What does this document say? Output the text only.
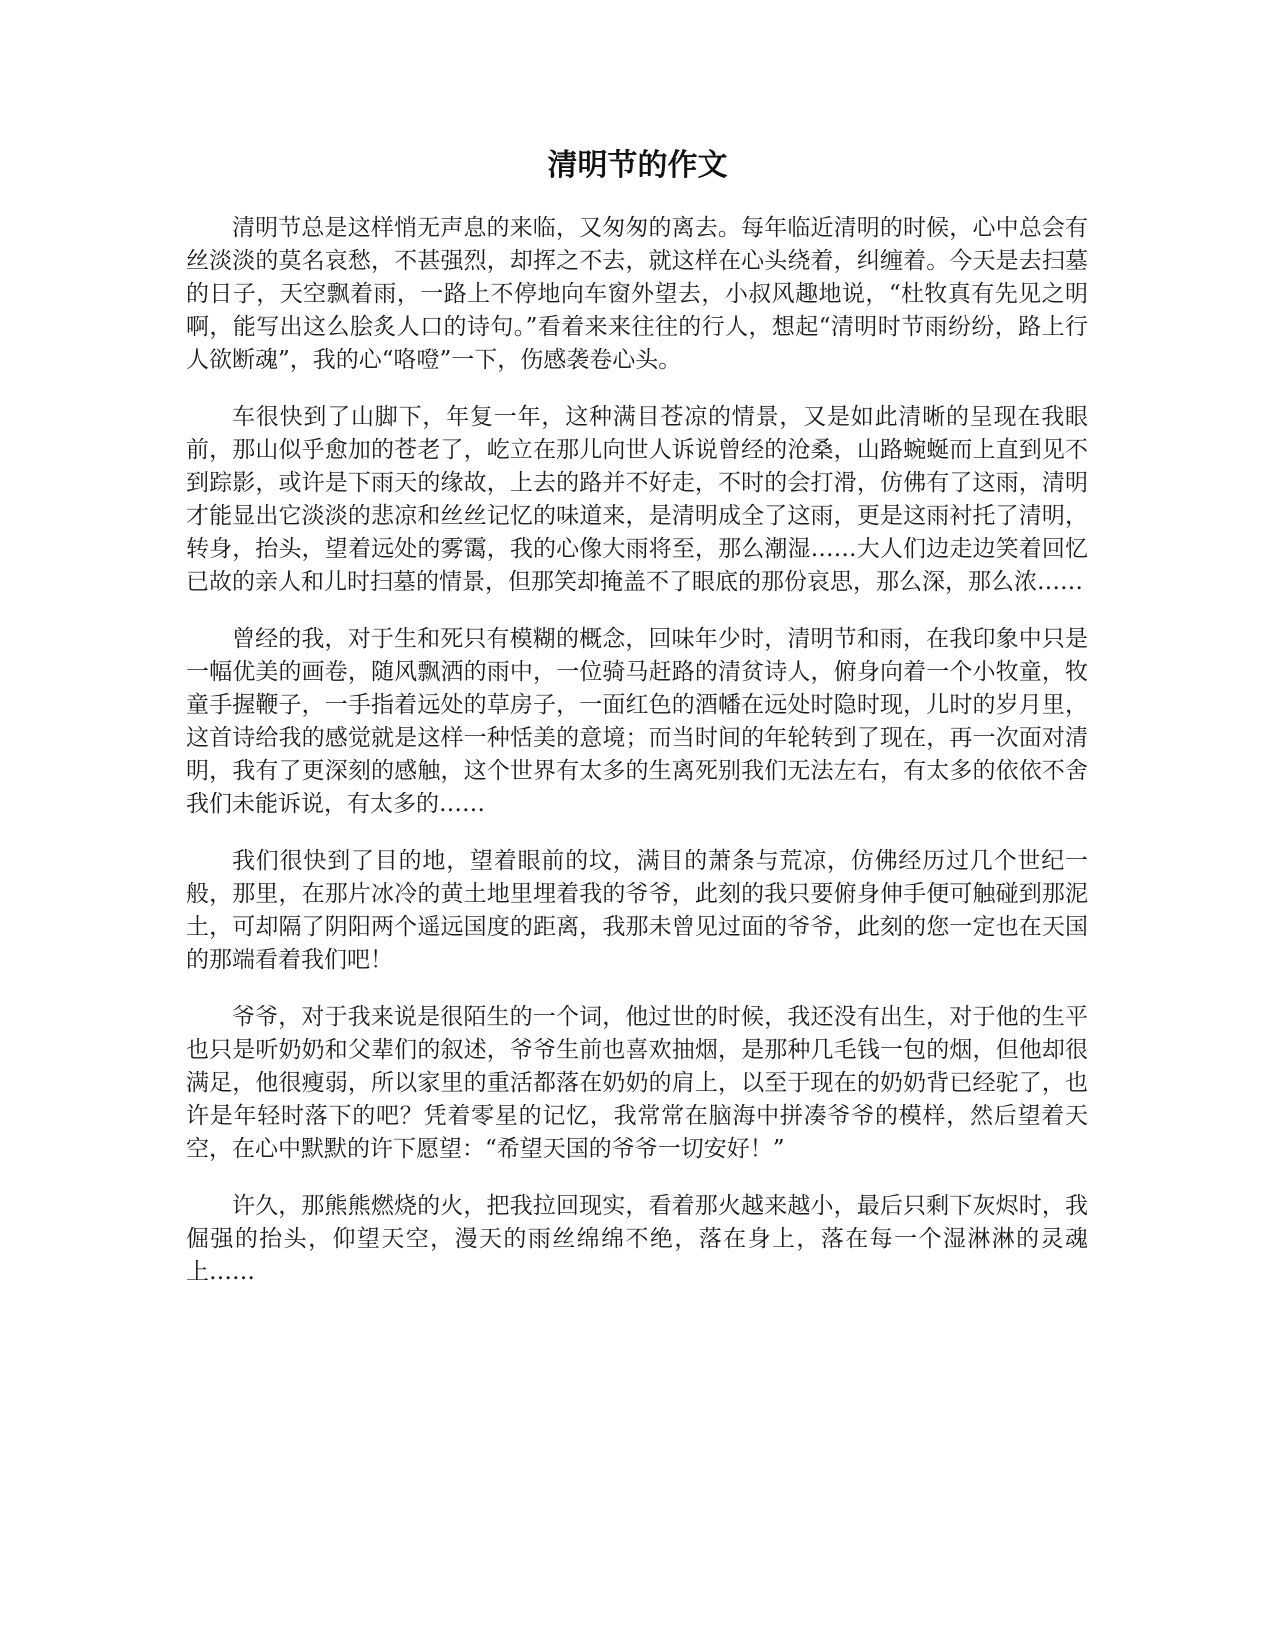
清明节的作文

清明节总是这样悄无声息的来临，又匆匆的离去。每年临近清明的时候，心中总会有丝淡淡的莫名哀愁，不甚强烈，却挥之不去，就这样在心头绕着，纠缠着。今天是去扫墓的日子，天空飘着雨，一路上不停地向车窗外望去，小叔风趣地说，“杜牧真有先见之明啊，能写出这么脍炙人口的诗句。”看着来来往往的行人，想起“清明时节雨纷纷，路上行人欲断魂”，我的心“咯噔”一下，伤感袭卷心头。

车很快到了山脚下，年复一年，这种满目苍凉的情景，又是如此清晰的呈现在我眼前，那山似乎愈加的苍老了，屹立在那儿向世人诉说曾经的沧桑，山路蜿蜒而上直到见不到踪影，或许是下雨天的缘故，上去的路并不好走，不时的会打滑，仿佛有了这雨，清明才能显出它淡淡的悲凉和丝丝记忆的味道来，是清明成全了这雨，更是这雨衬托了清明，转身，抬头，望着远处的雾霭，我的心像大雨将至，那么潮湿……大人们边走边笑着回忆已故的亲人和儿时扫墓的情景，但那笑却掩盖不了眼底的那份哀思，那么深，那么浓……

曾经的我，对于生和死只有模糊的概念，回味年少时，清明节和雨，在我印象中只是一幅优美的画卷，随风飘洒的雨中，一位骑马赶路的清贫诗人，俯身向着一个小牧童，牧童手握鞭子，一手指着远处的草房子，一面红色的酒幡在远处时隐时现，儿时的岁月里，这首诗给我的感觉就是这样一种恬美的意境；而当时间的年轮转到了现在，再一次面对清明，我有了更深刻的感触，这个世界有太多的生离死别我们无法左右，有太多的依依不舍我们未能诉说，有太多的……

我们很快到了目的地，望着眼前的坟，满目的萧条与荒凉，仿佛经历过几个世纪一般，那里，在那片冰冷的黄土地里埋着我的爷爷，此刻的我只要俯身伸手便可触碰到那泥土，可却隔了阴阳两个遥远国度的距离，我那未曾见过面的爷爷，此刻的您一定也在天国的那端看着我们吧！

爷爷，对于我来说是很陌生的一个词，他过世的时候，我还没有出生，对于他的生平也只是听奶奶和父辈们的叙述，爷爷生前也喜欢抽烟，是那种几毛钱一包的烟，但他却很满足，他很瘦弱，所以家里的重活都落在奶奶的肩上，以至于现在的奶奶背已经驼了，也许是年轻时落下的吧？凭着零星的记忆，我常常在脑海中拼凑爷爷的模样，然后望着天空，在心中默默的许下愿望：“希望天国的爷爷一切安好！”

许久，那熊熊燃烧的火，把我拉回现实，看着那火越来越小，最后只剩下灰烬时，我倔强的抬头，仰望天空，漫天的雨丝绵绵不绝，落在身上，落在每一个湿淋淋的灵魂上……
